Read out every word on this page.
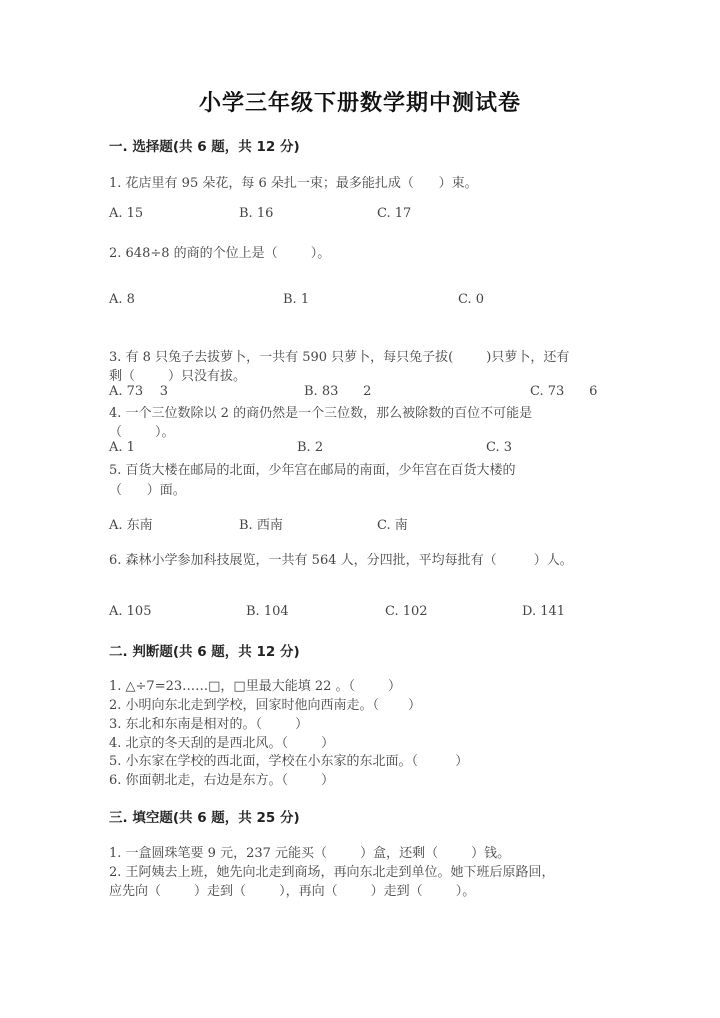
小学三年级下册数学期中测试卷
一. 选择题(共 6 题，共 12 分)
1. 花店里有 95 朵花，每 6 朵扎一束；最多能扎成（      ）束。
A. 15	B. 16	C. 17
2. 648÷8 的商的个位上是（        ）。
A. 8	B. 1	C. 0
3. 有 8 只兔子去拔萝卜，一共有 590 只萝卜，每只兔子拔(        )只萝卜，还有
剩（        ）只没有拔。
A. 73    3	B. 83      2	C. 73      6
4. 一个三位数除以 2 的商仍然是一个三位数，那么被除数的百位不可能是
（        ）。
A. 1	B. 2	C. 3
5. 百货大楼在邮局的北面，少年宫在邮局的南面，少年宫在百货大楼的
（      ）面。
A. 东南	B. 西南	C. 南
6. 森林小学参加科技展览，一共有 564 人，分四批，平均每批有（         ）人。
A. 105	B. 104	C. 102	D. 141
二. 判断题(共 6 题，共 12 分)
1. △÷7=23……□，□里最大能填 22 。（        ）
2. 小明向东北走到学校，回家时他向西南走。（       ）
3. 东北和东南是相对的。（        ）
4. 北京的冬天刮的是西北风。（        ）
5. 小东家在学校的西北面，学校在小东家的东北面。（         ）
6. 你面朝北走，右边是东方。（        ）
三. 填空题(共 6 题，共 25 分)
1. 一盒圆珠笔要 9 元，237 元能买（        ）盒，还剩（        ）钱。
2. 王阿姨去上班，她先向北走到商场，再向东北走到单位。她下班后原路回，
应先向（        ）走到（        ），再向（        ）走到（        ）。
